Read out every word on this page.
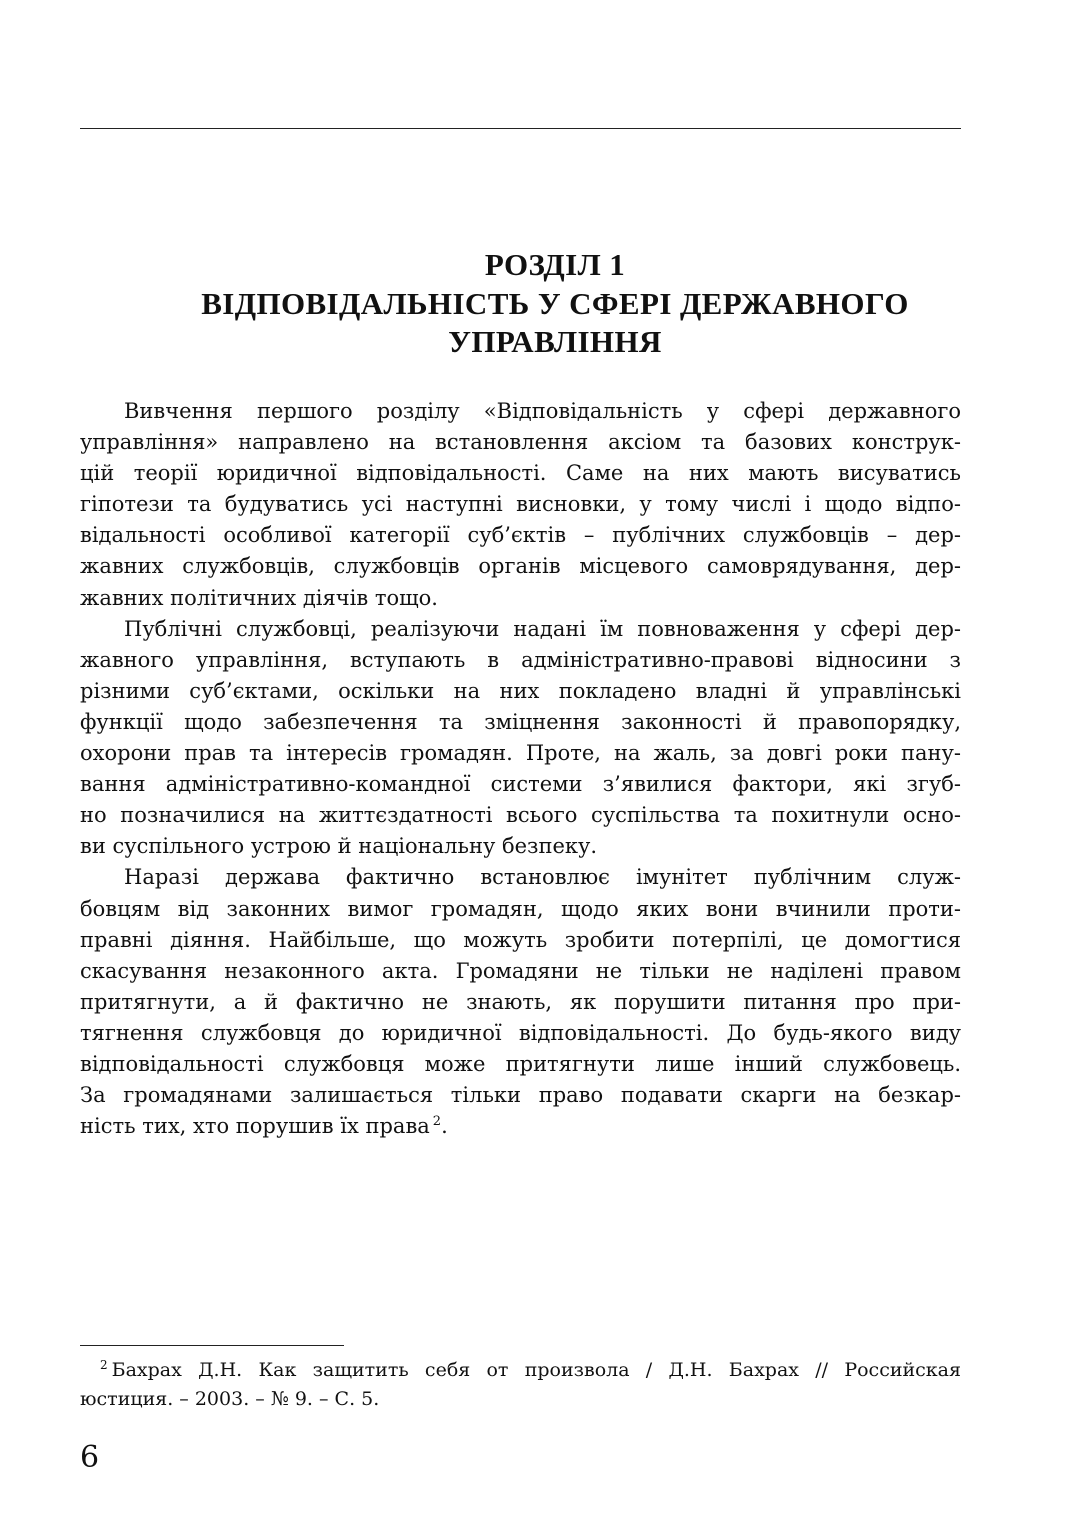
РОЗДІЛ 1
ВІДПОВІДАЛЬНІСТЬ У СФЕРІ ДЕРЖАВНОГО
УПРАВЛІННЯ
Вивчення першого розділу «Відповідальність у сфері державного
управління» направлено на встановлення аксіом та базових конструк-
цій теорії юридичної відповідальності. Саме на них мають висуватись
гіпотези та будуватись усі наступні висновки, у тому числі і щодо відпо-
відальності особливої категорії суб’єктів – публічних службовців – дер-
жавних службовців, службовців органів місцевого самоврядування, дер-
жавних політичних діячів тощо.
Публічні службовці, реалізуючи надані їм повноваження у сфері дер-
жавного управління, вступають в адміністративно-правові відносини з
різними суб’єктами, оскільки на них покладено владні й управлінські
функції щодо забезпечення та зміцнення законності й правопорядку,
охорони прав та інтересів громадян. Проте, на жаль, за довгі роки пану-
вання адміністративно-командної системи з’явилися фактори, які згуб-
но позначилися на життєздатності всього суспільства та похитнули осно-
ви суспільного устрою й національну безпеку.
Наразі держава фактично встановлює імунітет публічним служ-
бовцям від законних вимог громадян, щодо яких вони вчинили проти-
правні діяння. Найбільше, що можуть зробити потерпілі, це домогтися
скасування незаконного акта. Громадяни не тільки не наділені правом
притягнути, а й фактично не знають, як порушити питання про при-
тягнення службовця до юридичної відповідальності. До будь-якого виду
відповідальності службовця може притягнути лише інший службовець.
За громадянами залишається тільки право подавати скарги на безкар-
ність тих, хто порушив їх права $^2$.
$^2$ Бахрах Д.Н. Как защитить себя от произвола / Д.Н. Бахрах // Российская
юстиция. – 2003. – № 9. – С. 5.
6
